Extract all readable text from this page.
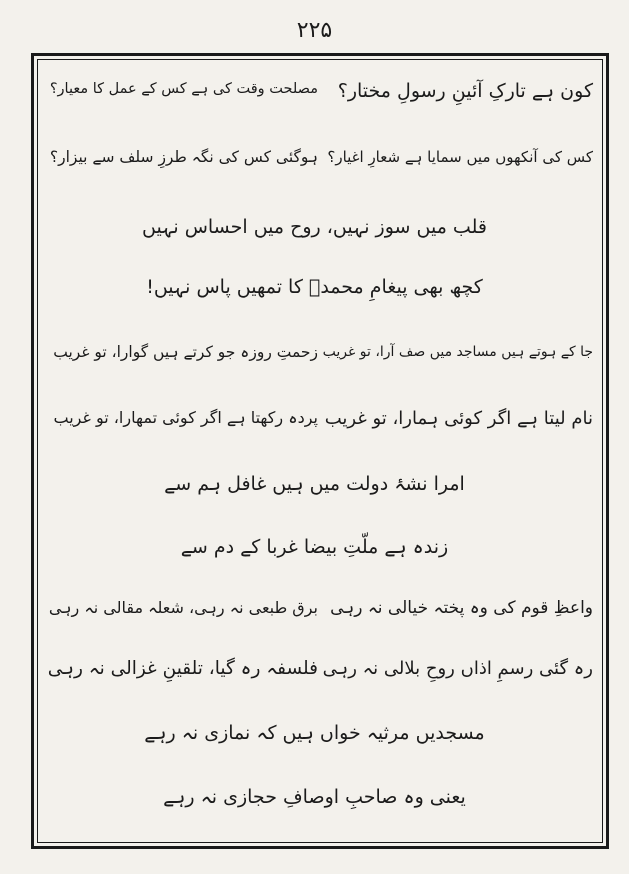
۲۲۵
کون ہے تارکِ آئینِ رسولِ مختار؟
مصلحت وقت کی ہے کس کے عمل کا معیار؟
کس کی آنکھوں میں سمایا ہے شعارِ اغیار؟
ہوگئی کس کی نگہ طرزِ سلف سے بیزار؟
قلب میں سوز نہیں، روح میں احساس نہیں
کچھ بھی پیغامِ محمدؐ کا تمھیں پاس نہیں!
جا کے ہوتے ہیں مساجد میں صف آرا، تو غریب
زحمتِ روزہ جو کرتے ہیں گوارا، تو غریب
نام لیتا ہے اگر کوئی ہمارا، تو غریب
پردہ رکھتا ہے اگر کوئی تمھارا، تو غریب
امرا نشۂ دولت میں ہیں غافل ہم سے
زندہ ہے ملّتِ بیضا غربا کے دم سے
واعظِ قوم کی وہ پختہ خیالی نہ رہی
برق طبعی نہ رہی، شعلہ مقالی نہ رہی
رہ گئی رسمِ اذاں روحِ بلالی نہ رہی
فلسفہ رہ گیا، تلقینِ غزالی نہ رہی
مسجدیں مرثیہ خواں ہیں کہ نمازی نہ رہے
یعنی وہ صاحبِ اوصافِ حجازی نہ رہے
